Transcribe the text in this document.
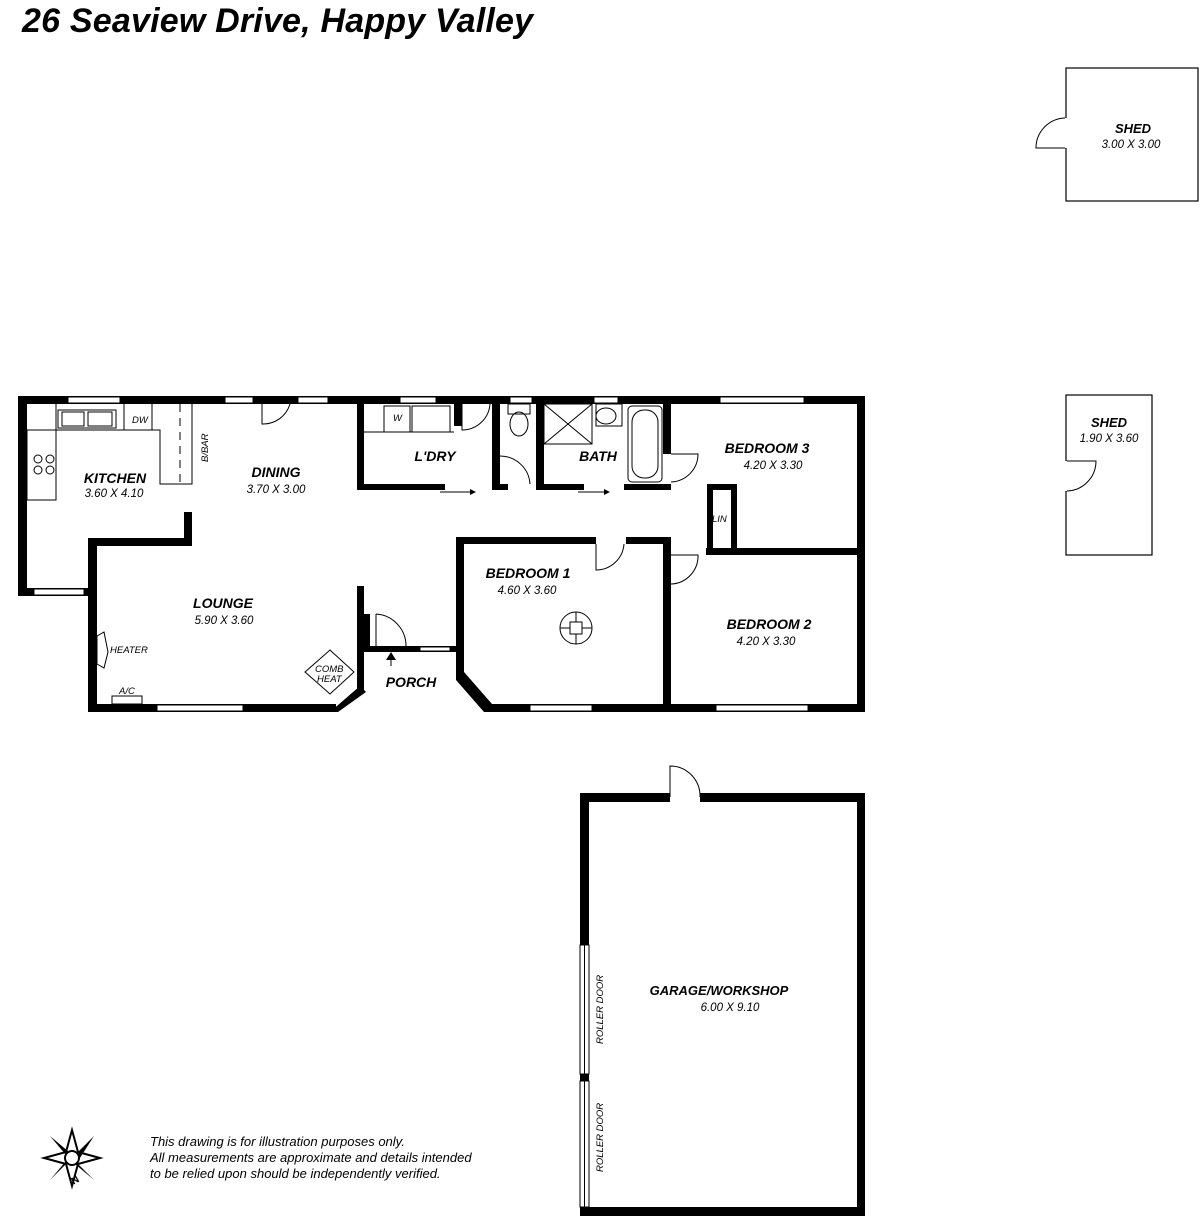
26 Seaview Drive, Happy Valley
KITCHEN
3.60 X 4.10
DINING
3.70 X 3.00
L'DRY	BATH	BEDROOM 3
4.20 X 3.30
BEDROOM 1
4.60 X 3.60
BEDROOM 2
4.20 X 3.30
LOUNGE
5.90 X 3.60
PORCH
DW
B/BAR
W
LIN
HEATER
A/C
COMB
HEAT
SHED
3.00 X 3.00
SHED
1.90 X 3.60
ROLLER DOOR
ROLLER DOOR
GARAGE/WORKSHOP
6.00 X 9.10
N
This drawing is for illustration purposes only.
All measurements are approximate and details intended
to be relied upon should be independently verified.
